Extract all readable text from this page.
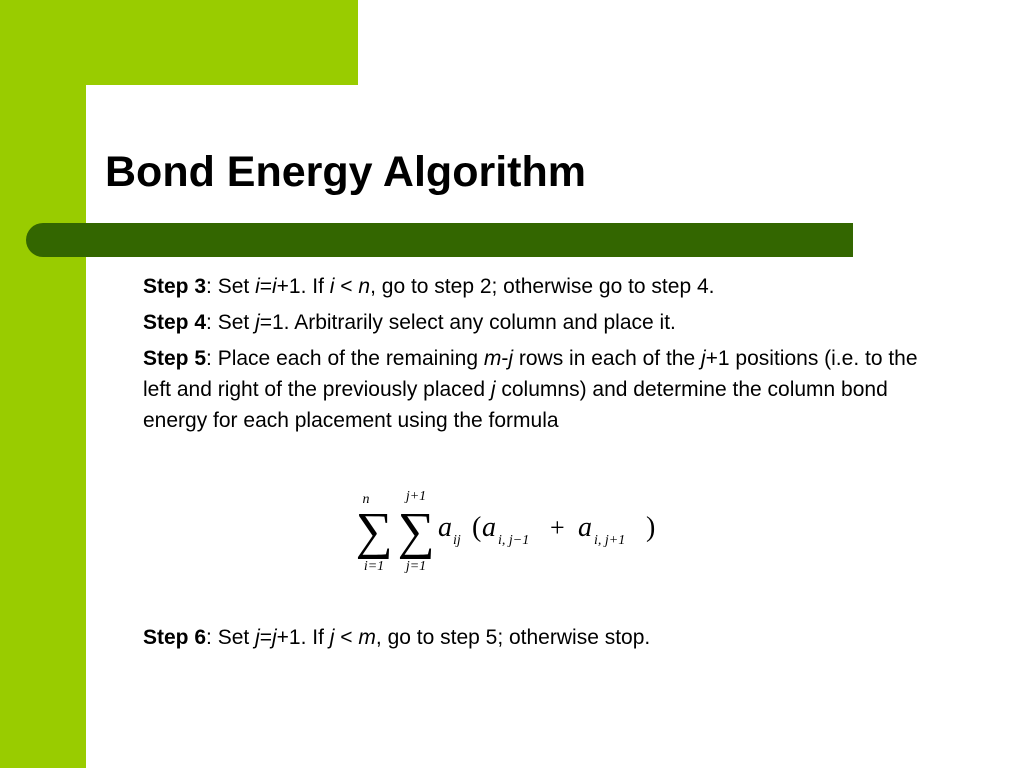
Bond Energy Algorithm

Step 3: Set i=i+1. If i < n, go to step 2; otherwise go to step 4.

Step 4: Set j=1. Arbitrarily select any column and place it.

Step 5: Place each of the remaining m-j rows in each of the j+1 positions (i.e. to the left and right of the previously placed j columns) and determine the column bond energy for each placement using the formula

n
∑
i=1
j+1
∑
j=1
a ij ( a i, j−1 + a i, j+1 )

Step 6: Set j=j+1. If j < m, go to step 5; otherwise stop.
